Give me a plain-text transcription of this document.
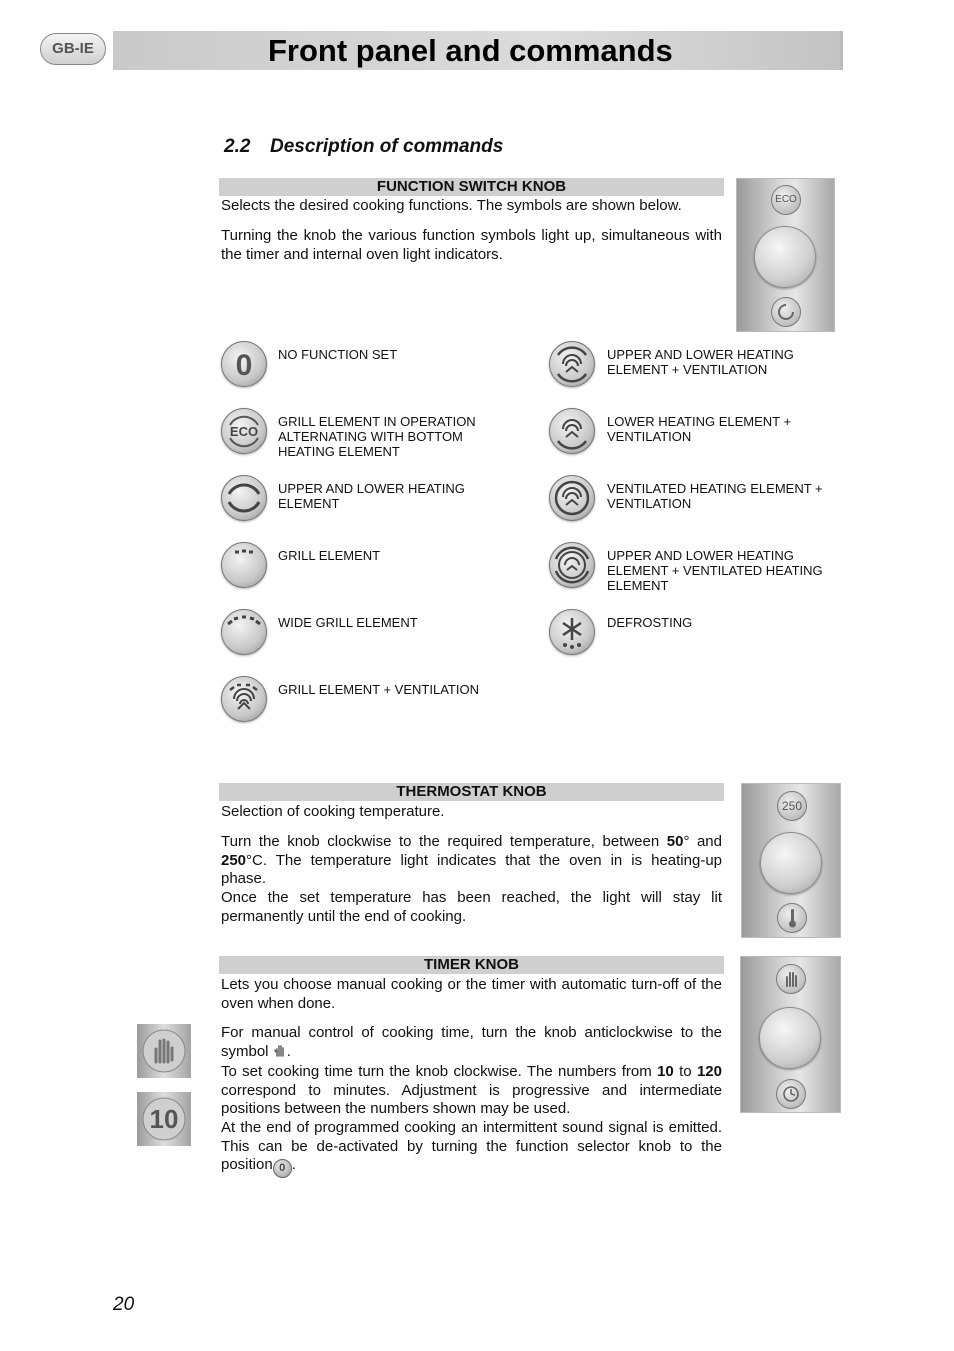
GB-IE	Front panel and commands
2.2 Description of commands
FUNCTION SWITCH KNOB
Selects the desired cooking functions. The symbols are shown below.
Turning the knob the various function symbols light up, simultaneous with the timer and internal oven light indicators.
ECO
0 NO FUNCTION SET
ECO
GRILL ELEMENT IN OPERATION ALTERNATING WITH BOTTOM HEATING ELEMENT
UPPER AND LOWER HEATING ELEMENT
GRILL ELEMENT
WIDE GRILL ELEMENT
GRILL ELEMENT + VENTILATION
UPPER AND LOWER HEATING ELEMENT + VENTILATION
LOWER HEATING ELEMENT + VENTILATION
VENTILATED HEATING ELEMENT + VENTILATION
UPPER AND LOWER HEATING ELEMENT + VENTILATED HEATING ELEMENT
DEFROSTING
THERMOSTAT KNOB
Selection of cooking temperature.
Turn the knob clockwise to the required temperature, between 50° and 250°C. The temperature light indicates that the oven in is heating-up phase.
Once the set temperature has been reached, the light will stay lit permanently until the end of cooking.
250
TIMER KNOB
Lets you choose manual cooking or the timer with automatic turn-off of the oven when done.
For manual control of cooking time, turn the knob anticlockwise to the symbol .
To set cooking time turn the knob clockwise. The numbers from 10 to 120 correspond to minutes. Adjustment is progressive and intermediate positions between the numbers shown may be used.
At the end of programmed cooking an intermittent sound signal is emitted. This can be de-activated by turning the function selector knob to the position 0 .
10
20
